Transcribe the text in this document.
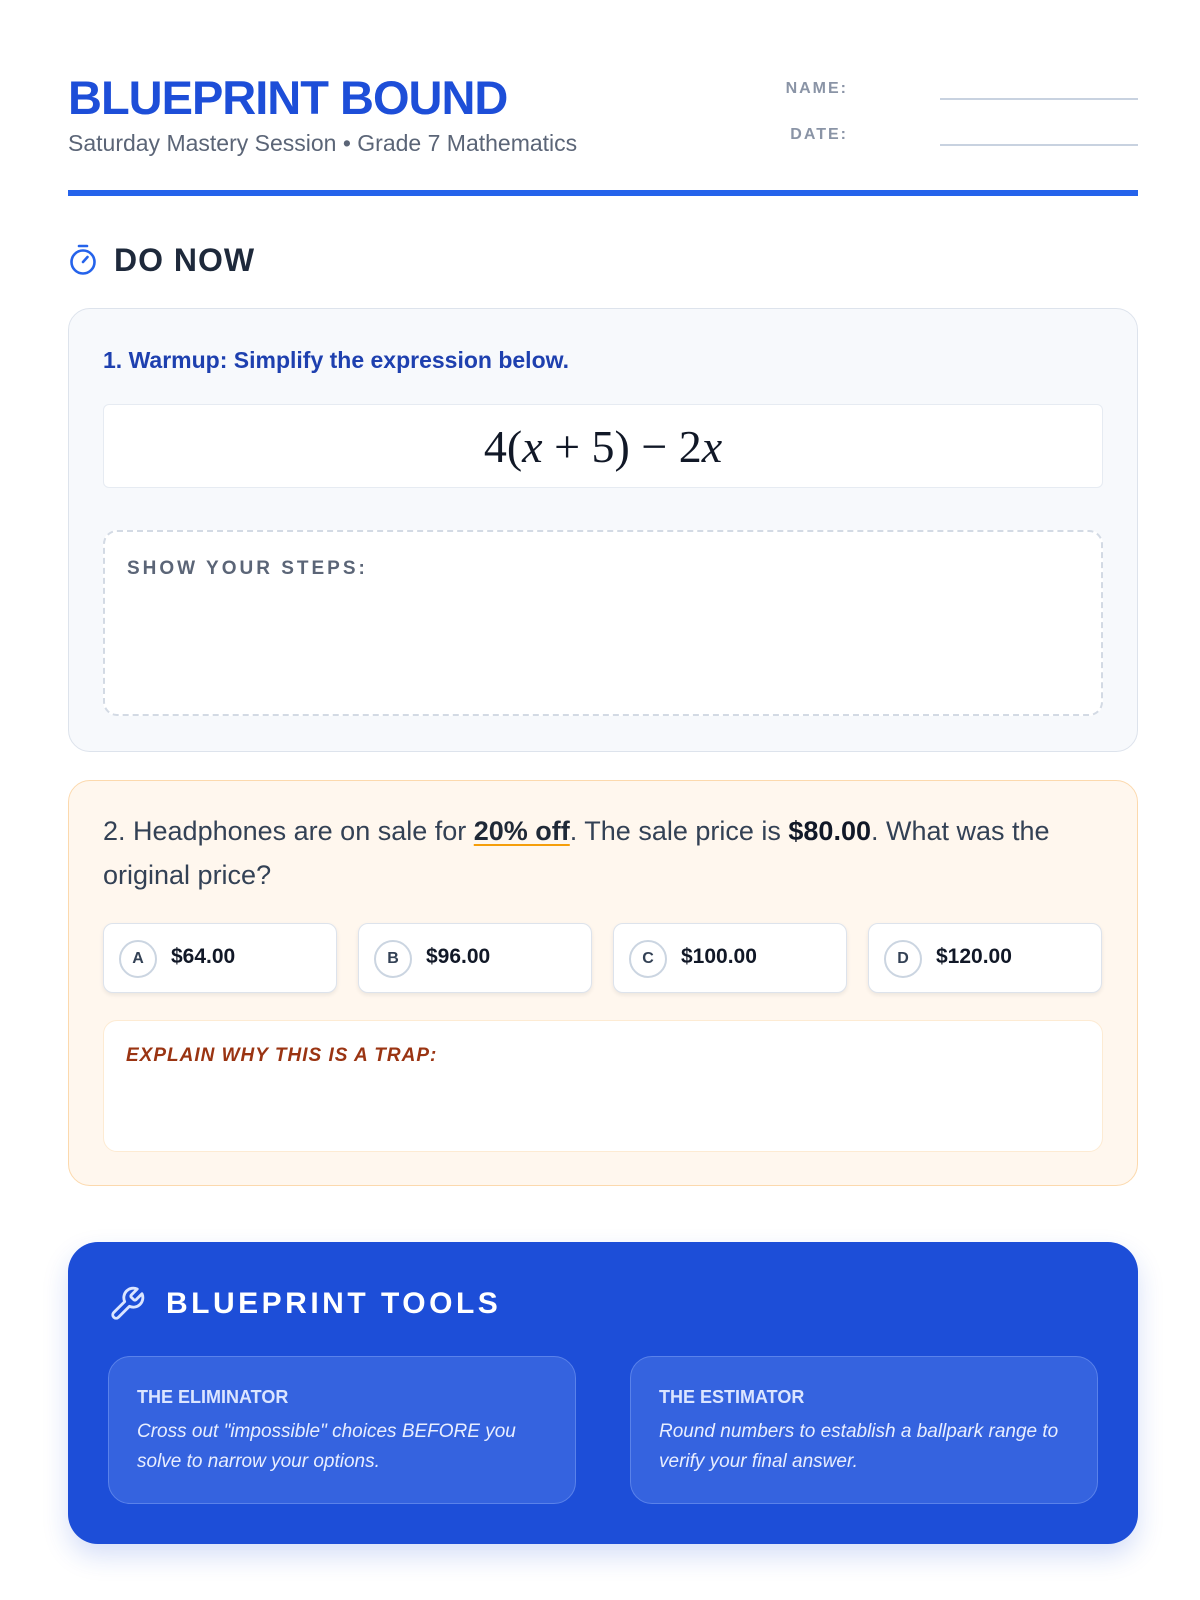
BLUEPRINT BOUND
Saturday Mastery Session • Grade 7 Mathematics
NAME:
DATE:
DO NOW
1. Warmup: Simplify the expression below.
4(x + 5) − 2x
SHOW YOUR STEPS:

2. Headphones are on sale for 20% off. The sale price is $80.00. What was the original price?

A	$64.00	B	$96.00	C	$100.00	D	$120.00
EXPLAIN WHY THIS IS A TRAP:
BLUEPRINT TOOLS
THE ELIMINATOR
Cross out "impossible" choices BEFORE you solve to narrow your options.
THE ESTIMATOR
Round numbers to establish a ballpark range to verify your final answer.
